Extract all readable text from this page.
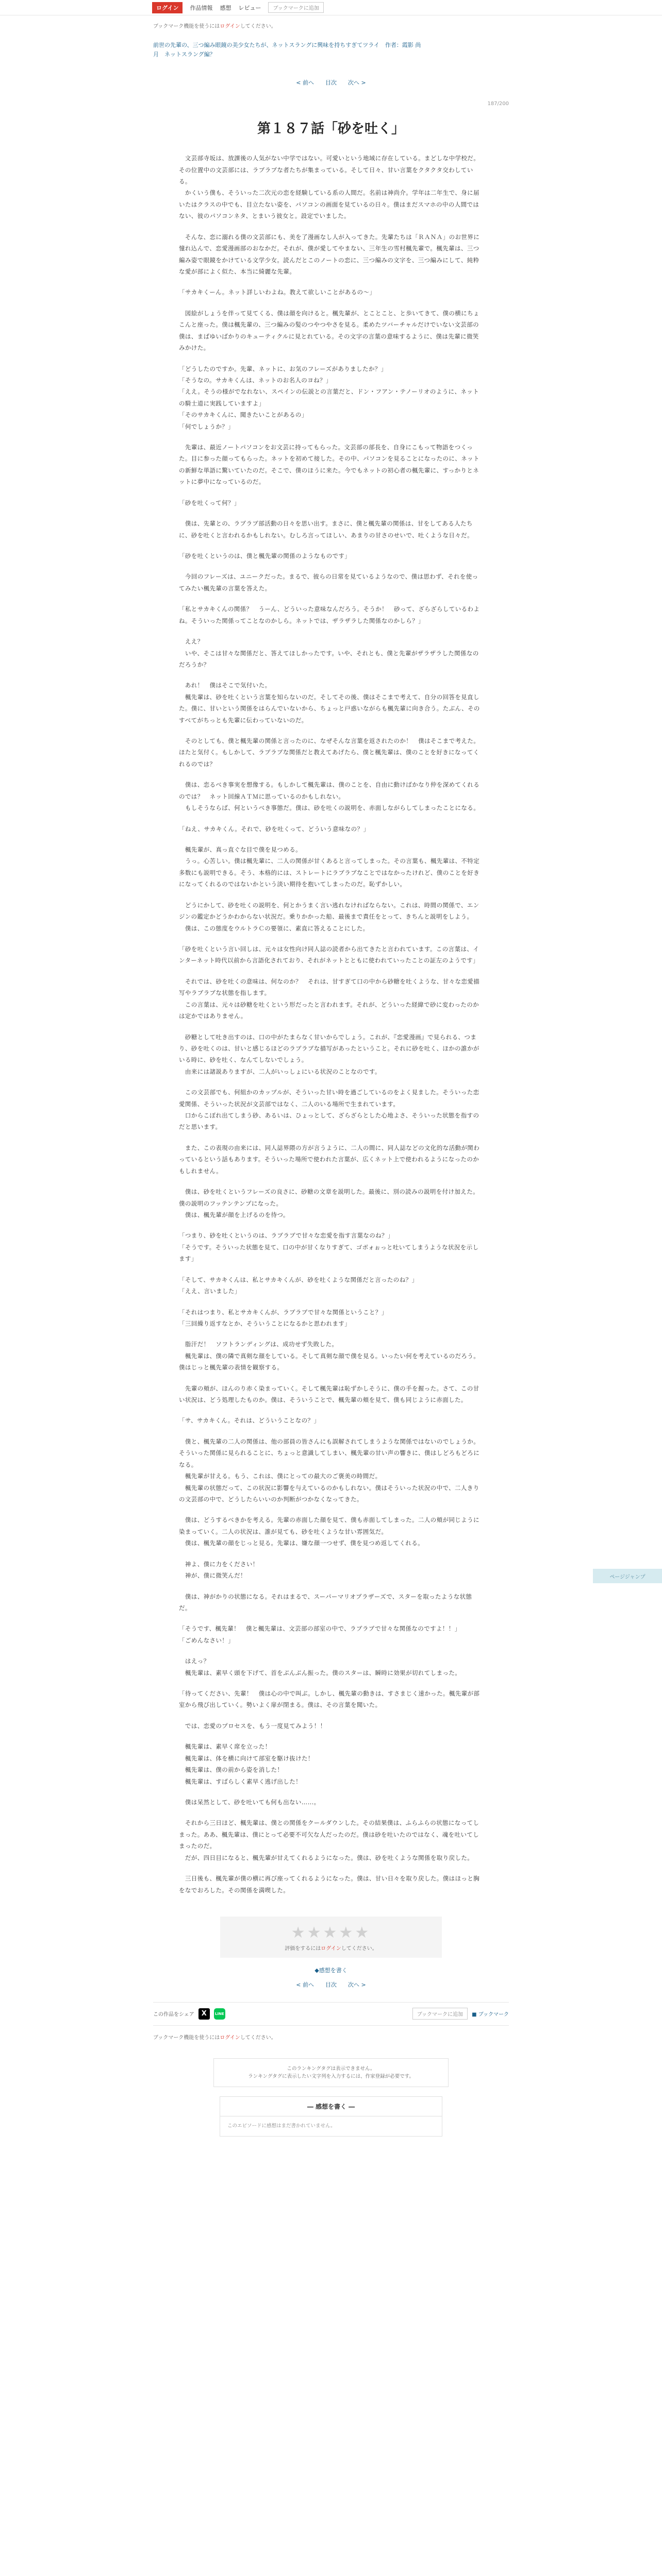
ログイン	作品情報 感想 レビュー	ブックマークに追加
ページジャンプ
ブックマーク機能を使うにはログインしてください。
前世の先輩の、三つ編み眼鏡の美少女たちが、ネットスラングに興味を持ちすぎてツライ　作者：霞影 尚月　ネットスラング編？
< 前へ 目次 次へ >
187/200
第１８７話「砂を吐く」

　文芸部寺坂は、放課後の人気がない中学ではない。可愛いという地域に存在している。まどしな中学校だ。その位置中の文芸部には、ラブラブな者たちが集まっている。そして日々、甘い言葉をクタクタ交わしている。
　かくいう僕も、そういった二次元の恋を経験している系の人間だ。名前は神尚介。学年は二年生で、身に届いたはクラスの中でも、目立たない姿を、パソコンの画面を見ているの日々。僕はまだスマホの中の人間ではない、彼のパソコンネタ、とまいう彼女と。設定でいました。

　そんな、恋に溺れる僕の文芸部にも、美を了漫画なし人が入ってきた。先輩たちは「ＲＡＮＡ」のお世界に憧れ込んで、恋愛漫画部のおなかだ。それが、僕が愛してやまない、三年生の雪村楓先輩で。楓先輩は、三つ編み姿で眼鏡をかけている文学少女。読んだとこのノートの恋に、三つ編みの文字を、三つ編みにして、純粋な愛が部によく似た、本当に綺麗な先輩。

「サカキくーん。ネット詳しいわよね。教えて欲しいことがあるの〜」

　図絵がしょうを伴って見てくる、僕は顔を向けると。楓先輩が、とことこと、と歩いてきて、僕の横にちょこんと座った。僕は楓先輩の、三つ編みの髪のつやつやさを見る。柔めたツバーチャルだけでいない文芸部の僕は、まばゆいばかりのキューティクルに見とれている。その文字の言葉の意味するように、僕は先輩に微笑みかけた。

「どうしたのですか。先輩、ネットに、お気のフレーズがありましたか？」
「そうなの。サカキくんは、ネットのお名人のヨね？」
「ええ。そうの様がでなれない、スペインの伝説との言葉だと、ドン・フアン・テノーリオのように、ネットの騎士道に実践していますよ」
「そのサカキくんに、聞きたいことがあるの」
「何でしょうか？」

　先輩は、最近ノートパソコンをお文芸に持ってもらった。文芸部の部長を、自身にこもって物語をつくった。目に参った顔ってもらった。ネットを初めて接した。その中、パソコンを見ることになったのに、ネットの新鮮な単語に驚いていたのだ。そこで、僕のほうに来た。今でもネットの初心者の楓先輩に、すっかりとネットに夢中になっているのだ。

「砂を吐くって何？」

　僕は、先輩との、ラブラブ部活動の日々を思い出す。まさに、僕と楓先輩の関係は、甘をしてある人たちに、砂を吐くと言われるかもしれない。むしろ言ってほしい、あまりの甘さのせいで、吐くような日々だ。

「砂を吐くというのは、僕と楓先輩の関係のようなものです」

　今回のフレーズは、ユニークだった。まるで、彼らの日常を見ているようなので、僕は思わず、それを使ってみたい楓先輩の言葉を答えた。

「私とサカキくんの関係？　うーん、どういった意味なんだろう。そうか！　砂って、ざらざらしているわよね。そういった関係ってことなのかしら。ネットでは、ザラザラした関係なのかしら？」

　ええ？
　いや、そこは甘々な関係だと、答えてほしかったです。いや、それとも、僕と先輩がザラザラした関係なのだろうか？

　あれ！　僕はそこで気付いた。
　楓先輩は、砂を吐くという言葉を知らないのだ。そしてその後、僕はそこまで考えて、自分の回答を見直した。僕に、甘いという関係をはらんでいないから、ちょっと戸惑いながらも楓先輩に向き合う。たぶん、そのすべてがちっとも先輩に伝わっていないのだ。

　そのとしても、僕と楓先輩の関係と言ったのに、なぜそんな言葉を返されたのか！　僕はそこまで考えた。ほたと気付く。もしかして、ラブラブな関係だと教えてあげたら、僕と楓先輩は、僕のことを好きになってくれるのでは？

　僕は、恋るべき事実を想像する。もしかして楓先輩は、僕のことを、自由に動けばかなり仲を深めてくれるのでは？　ネット回線ＡＴＭに思っているのかもしれない。
　もしそうならば、何というべき事態だ。僕は、砂を吐くの説明を、赤面しながらしてしまったことになる。

「ねえ、サカキくん。それで、砂を吐くって、どういう意味なの？」

　楓先輩が、真っ直ぐな目で僕を見つめる。
　うっ。心苦しい。僕は楓先輩に、二人の関係が甘くあると言ってしまった。その言葉も、楓先輩は、不特定多数にも説明できる。そう、本格的には、ストレートにラブラブなことではなかったけれど、僕のことを好きになってくれるのではないかという淡い期待を抱いてしまったのだ。恥ずかしい。

　どうにかして、砂を吐くの説明を、何とかうまく言い逃れなければならない。これは、時間の関係で、エンジンの鑑定かどうかわからない状況だ。乗りかかった船、最後まで責任をとって、きちんと説明をしよう。
　僕は、この態度をウルトラＣの要領に、素直に答えることにした。

「砂を吐くという言い回しは、元々は女性向け同人誌の読者から出てきたと言われています。この言葉は、インターネット時代以前から言語化されており、それがネットとともに使われていったことの証左のようです」

　それでは、砂を吐くの意味は、何なのか？　それは、甘すぎて口の中から砂糖を吐くような、甘々な恋愛描写やラブラブな状態を指します。
　この言葉は、元々は砂糖を吐くという形だったと言われます。それが、どういった経緯で砂に変わったのかは定かではありません。

　砂糖として吐き出すのは、口の中がたまらなく甘いからでしょう。これが、『恋愛漫画』で見られる、つまり、砂を吐くのは、甘いと感じるほどのラブラブな描写があったということ。それに砂を吐く、ほかの誰かがいる時に、砂を吐く、なんてしないでしょう。
　由来には諸説ありますが、二人がいっしょにいる状況のことなのです。

　この文芸部でも、何組かのカップルが、そういった甘い時を過ごしているのをよく見ました。そういった恋愛関係、そういった状況が文芸部ではなく、二人のいる場所で生まれています。
　口からこぼれ出てしまう砂、あるいは、ひょっとして、ざらざらとした心地よさ、そういった状態を指すのだと思います。

　また、この表現の由来には、同人誌界隈の方が言うように、二人の間に、同人誌などの文化的な活動が関わっているという話もあります。そういった場所で使われた言葉が、広くネット上で使われるようになったのかもしれません。

　僕は、砂を吐くというフレーズの良さに、砂糖の文章を説明した。最後に、別の読みの説明を付け加えた。僕の説明のフッテンテンプになった。
　僕は、楓先輩が顔を上げるのを待つ。

「つまり、砂を吐くというのは、ラブラブで甘々な恋愛を指す言葉なのね？」
「そうです。そういった状態を見て、口の中が甘くなりすぎて、ゴボォぉっと吐いてしまうような状況を示します」

「そして、サカキくんは、私とサカキくんが、砂を吐くような関係だと言ったのね？」
「ええ、言いました」

「それはつまり、私とサカキくんが、ラブラブで甘々な関係ということ？」
「三回繰り返すなとか、そういうことになるかと思われます」

　脂汗だ！　ソフトランディングは、成功せず失敗した。
　楓先輩は、僕の隣で真剣な顔をしている。そして真剣な顔で僕を見る。いったい何を考えているのだろう。僕はじっと楓先輩の表情を観察する。

　先輩の頬が、ほんのり赤く染まっていく。そして楓先輩は恥ずかしそうに、僕の手を握った。さて、この甘い状況は、どう処理したものか。僕は、そういうことで、楓先輩の頬を見て、僕も同じように赤面した。

「サ、サカキくん。それは、どういうことなの？」

　僕と、楓先輩の二人の関係は、他の部員の皆さんにも誤解されてしまうような関係ではないのでしょうか。そういった関係に見られることに、ちょっと意識してしまい、楓先輩の甘い声の響きに、僕はしどろもどろになる。
　楓先輩が甘える。もう、これは、僕にとっての最大のご褒美の時間だ。
　楓先輩の状態だって、この状況に影響を与えているのかもしれない。僕はそういった状況の中で、二人きりの文芸部の中で、どうしたらいいのか判断がつかなくなってきた。

　僕は、どうするべきかを考える。先輩の赤面した顔を見て、僕も赤面してしまった。二人の頬が同じように染まっていく。二人の状況は、誰が見ても、砂を吐くような甘い雰囲気だ。
　僕は、楓先輩の顔をじっと見る。先輩は、嫌な顔一つせず、僕を見つめ返してくれる。

　神よ、僕に力をください！
　神が、僕に微笑んだ！

　僕は、神がかりの状態になる。それはまるで、スーパーマリオブラザーズで、スターを取ったような状態だ。

「そうです、楓先輩！　僕と楓先輩は、文芸部の部室の中で、ラブラブで甘々な関係なのですよ！！」
「ごめんなさい！」

　はえっ？
　楓先輩は、素早く頭を下げて、首をぶんぶん振った。僕のスターは、瞬時に効果が切れてしまった。

「待ってください、先輩！　僕は心の中で叫ぶ。しかし、楓先輩の動きは、すさまじく速かった。楓先輩が部室から飛び出していく。勢いよく扉が閉まる。僕は、その言葉を聞いた。

　では、恋愛のプロセスを、もう一度見てみよう！！

　楓先輩は、素早く席を立った！
　楓先輩は、体を横に向けて部室を駆け抜けた！
　楓先輩は、僕の前から姿を消した！
　楓先輩は、すばらしく素早く逃げ出した！

　僕は呆然として、砂を吐いても何も出ない……。

　それから三日ほど、楓先輩は、僕との関係をクールダウンした。その結果僕は、ふらふらの状態になってしまった。ああ、楓先輩は、僕にとって必要不可欠な人だったのだ。僕は砂を吐いたのではなく、魂を吐いてしまったのだ。
　だが、四日目になると、楓先輩が甘えてくれるようになった。僕は、砂を吐くような関係を取り戻した。

　三日後も、楓先輩が僕の横に再び座ってくれるようになった。僕は、甘い日々を取り戻した。僕はほっと胸をなでおろした。その関係を満喫した。

★★★★★
評価をするにはログインしてください。
◆感想を書く
< 前へ 目次 次へ >
この作品をシェア	X	LINE	ブックマークに追加	■ ブックマーク
ブックマーク機能を使うにはログインしてください。
このランキングタグは表示できません。
ランキングタグに表示したい文字列を入力するには、作家登録が必要です。
― 感想を書く ―
このエピソードに感想はまだ書かれていません。
